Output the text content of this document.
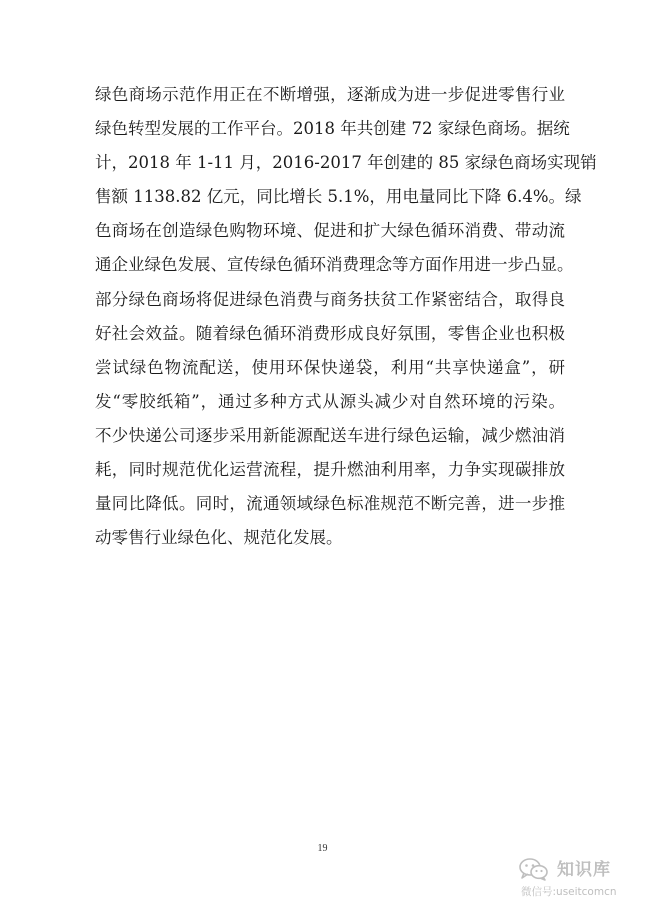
绿色商场示范作用正在不断增强，逐渐成为进一步促进零售行业
绿色转型发展的工作平台。2018 年共创建 72 家绿色商场。据统
计，2018 年 1-11 月，2016-2017 年创建的 85 家绿色商场实现销
售额 1138.82 亿元，同比增长 5.1%，用电量同比下降 6.4%。绿
色商场在创造绿色购物环境、促进和扩大绿色循环消费、带动流
通企业绿色发展、宣传绿色循环消费理念等方面作用进一步凸显。
部分绿色商场将促进绿色消费与商务扶贫工作紧密结合，取得良
好社会效益。随着绿色循环消费形成良好氛围，零售企业也积极
尝试绿色物流配送，使用环保快递袋，利用“共享快递盒”，研
发“零胶纸箱”，通过多种方式从源头减少对自然环境的污染。
不少快递公司逐步采用新能源配送车进行绿色运输，减少燃油消
耗，同时规范优化运营流程，提升燃油利用率，力争实现碳排放
量同比降低。同时，流通领域绿色标准规范不断完善，进一步推
动零售行业绿色化、规范化发展。
19
知识库
微信号:useitcomcn
